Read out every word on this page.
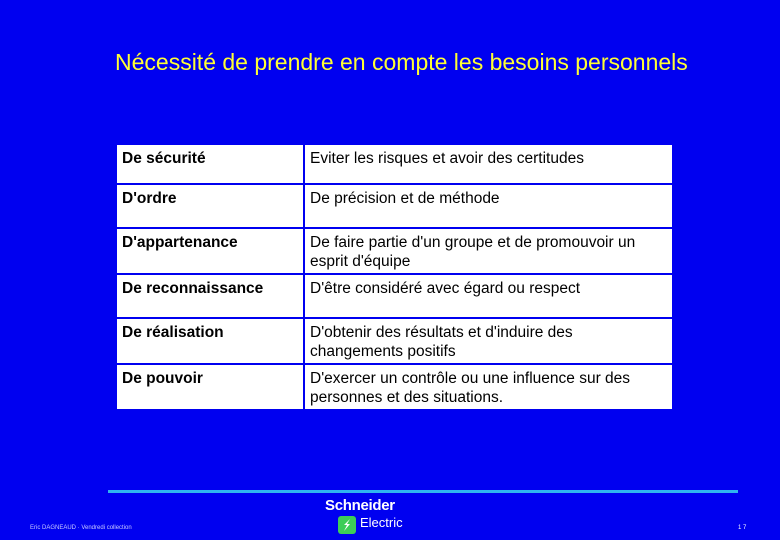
Nécessité de prendre en compte les besoins personnels
De sécurité	Eviter les risques et avoir des certitudes
D'ordre	De précision et de méthode
D'appartenance	De faire partie d'un groupe et de promouvoir un esprit d'équipe
De reconnaissance	D'être considéré avec égard ou respect
De réalisation	D'obtenir des résultats et d'induire des changements positifs
De pouvoir	D'exercer un contrôle ou une influence sur des personnes et des situations.
Eric DAGNEAUD · Vendredi collection
Schneider
Electric	1 7
